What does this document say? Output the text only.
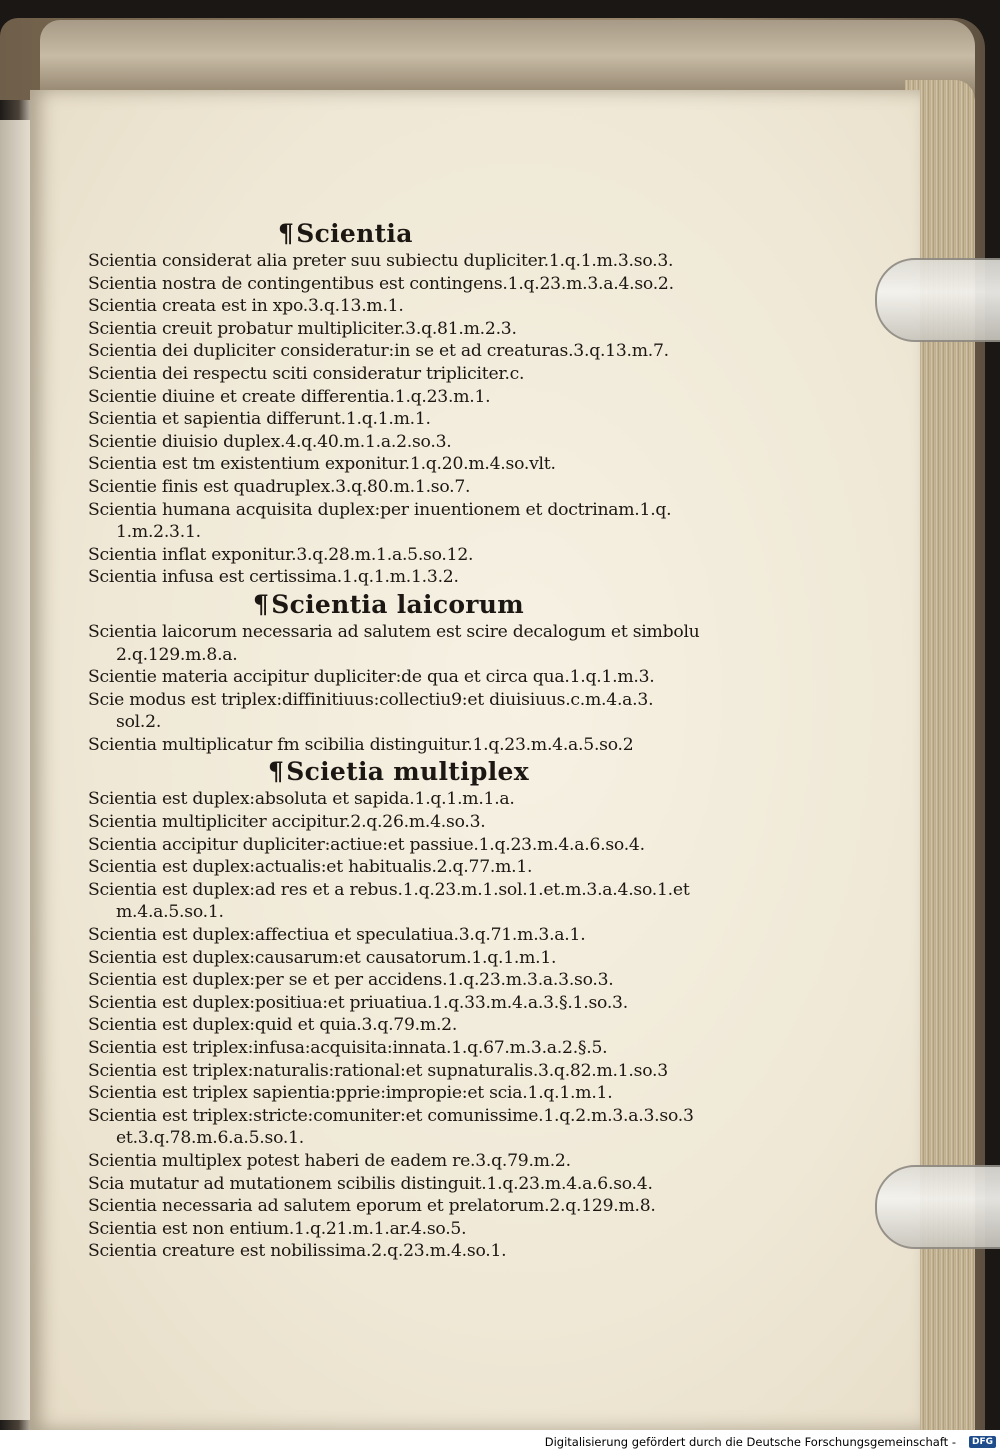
¶Scientia
Scientia considerat alia preter suu subiectu dupliciter.1.q.1.m.3.so.3.
Scientia nostra de contingentibus est contingens.1.q.23.m.3.a.4.so.2.
Scientia creata est in xpo.3.q.13.m.1.
Scientia creuit probatur multipliciter.3.q.81.m.2.3.
Scientia dei dupliciter consideratur:in se et ad creaturas.3.q.13.m.7.
Scientia dei respectu sciti consideratur tripliciter.c.
Scientie diuine et create differentia.1.q.23.m.1.
Scientia et sapientia differunt.1.q.1.m.1.
Scientie diuisio duplex.4.q.40.m.1.a.2.so.3.
Scientia est tm existentium exponitur.1.q.20.m.4.so.vlt.
Scientie finis est quadruplex.3.q.80.m.1.so.7.
Scientia humana acquisita duplex:per inuentionem et doctrinam.1.q.
1.m.2.3.1.
Scientia inflat exponitur.3.q.28.m.1.a.5.so.12.
Scientia infusa est certissima.1.q.1.m.1.3.2.
¶Scientia laicorum
Scientia laicorum necessaria ad salutem est scire decalogum et simbolu
2.q.129.m.8.a.
Scientie materia accipitur dupliciter:de qua et circa qua.1.q.1.m.3.
Scie modus est triplex:diffinitiuus:collectiu9:et diuisiuus.c.m.4.a.3.
sol.2.
Scientia multiplicatur fm scibilia distinguitur.1.q.23.m.4.a.5.so.2
¶Scietia multiplex
Scientia est duplex:absoluta et sapida.1.q.1.m.1.a.
Scientia multipliciter accipitur.2.q.26.m.4.so.3.
Scientia accipitur dupliciter:actiue:et passiue.1.q.23.m.4.a.6.so.4.
Scientia est duplex:actualis:et habitualis.2.q.77.m.1.
Scientia est duplex:ad res et a rebus.1.q.23.m.1.sol.1.et.m.3.a.4.so.1.et
m.4.a.5.so.1.
Scientia est duplex:affectiua et speculatiua.3.q.71.m.3.a.1.
Scientia est duplex:causarum:et causatorum.1.q.1.m.1.
Scientia est duplex:per se et per accidens.1.q.23.m.3.a.3.so.3.
Scientia est duplex:positiua:et priuatiua.1.q.33.m.4.a.3.§.1.so.3.
Scientia est duplex:quid et quia.3.q.79.m.2.
Scientia est triplex:infusa:acquisita:innata.1.q.67.m.3.a.2.§.5.
Scientia est triplex:naturalis:rational:et supnaturalis.3.q.82.m.1.so.3
Scientia est triplex sapientia:pprie:impropie:et scia.1.q.1.m.1.
Scientia est triplex:stricte:comuniter:et comunissime.1.q.2.m.3.a.3.so.3
et.3.q.78.m.6.a.5.so.1.
Scientia multiplex potest haberi de eadem re.3.q.79.m.2.
Scia mutatur ad mutationem scibilis distinguit.1.q.23.m.4.a.6.so.4.
Scientia necessaria ad salutem eporum et prelatorum.2.q.129.m.8.
Scientia est non entium.1.q.21.m.1.ar.4.so.5.
Scientia creature est nobilissima.2.q.23.m.4.so.1.
Digitalisierung gefördert durch die Deutsche Forschungsgemeinschaft -	DFG
